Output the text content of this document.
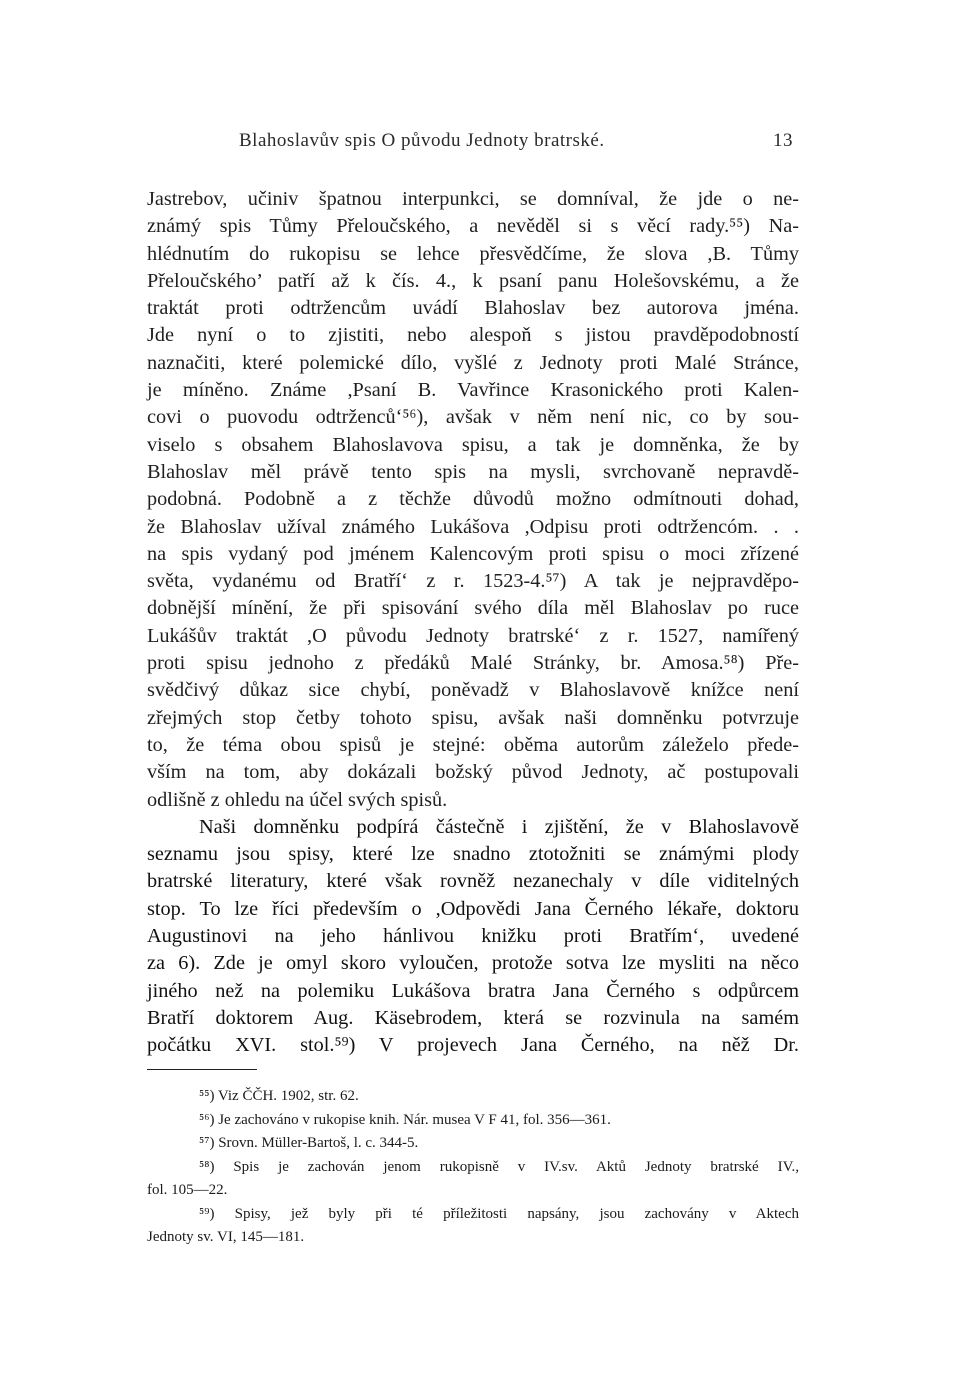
Blahoslavův spis O původu Jednoty bratrské.	13
Jastrebov, učiniv špatnou interpunkci, se domníval, že jde o ne-
známý spis Tůmy Přeloučského, a nevěděl si s věcí rady.⁵⁵) Na-
hlédnutím do rukopisu se lehce přesvědčíme, že slova ,B. Tůmy
Přeloučského’ patří až k čís. 4., k psaní panu Holešovskému, a že
traktát proti odtržencům uvádí Blahoslav bez autorova jména.
Jde nyní o to zjistiti, nebo alespoň s jistou pravděpodobností
naznačiti, které polemické dílo, vyšlé z Jednoty proti Malé Stránce,
je míněno. Známe ,Psaní B. Vavřince Krasonického proti Kalen-
covi o puovodu odtrženců‘⁵⁶), avšak v něm není nic, co by sou-
viselo s obsahem Blahoslavova spisu, a tak je domněnka, že by
Blahoslav měl právě tento spis na mysli, svrchovaně nepravdě-
podobná. Podobně a z těchže důvodů možno odmítnouti dohad,
že Blahoslav užíval známého Lukášova ,Odpisu proti odtržencóm. . .
na spis vydaný pod jménem Kalencovým proti spisu o moci zřízené
světa, vydanému od Bratří‘ z r. 1523-4.⁵⁷) A tak je nejpravděpo-
dobnější mínění, že při spisování svého díla měl Blahoslav po ruce
Lukášův traktát ,O původu Jednoty bratrské‘ z r. 1527, namířený
proti spisu jednoho z předáků Malé Stránky, br. Amosa.⁵⁸) Pře-
svědčivý důkaz sice chybí, poněvadž v Blahoslavově knížce není
zřejmých stop četby tohoto spisu, avšak naši domněnku potvrzuje
to, že téma obou spisů je stejné: oběma autorům záleželo přede-
vším na tom, aby dokázali božský původ Jednoty, ač postupovali
odlišně z ohledu na účel svých spisů.
Naši domněnku podpírá částečně i zjištění, že v Blahoslavově
seznamu jsou spisy, které lze snadno ztotožniti se známými plody
bratrské literatury, které však rovněž nezanechaly v díle viditelných
stop. To lze říci především o ,Odpovědi Jana Černého lékaře, doktoru
Augustinovi na jeho hánlivou knižku proti Bratřím‘, uvedené
za 6). Zde je omyl skoro vyloučen, protože sotva lze mysliti na něco
jiného než na polemiku Lukášova bratra Jana Černého s odpůrcem
Bratří doktorem Aug. Käsebrodem, která se rozvinula na samém
počátku XVI. stol.⁵⁹) V projevech Jana Černého, na něž Dr.
⁵⁵) Viz ČČH. 1902, str. 62.
⁵⁶) Je zachováno v rukopise knih. Nár. musea V F 41, fol. 356—361.
⁵⁷) Srovn. Müller-Bartoš, l. c. 344-5.
⁵⁸) Spis je zachován jenom rukopisně v IV.sv. Aktů Jednoty bratrské IV.,
fol. 105—22.
⁵⁹) Spisy, jež byly při té příležitosti napsány, jsou zachovány v Aktech
Jednoty sv. VI, 145—181.
